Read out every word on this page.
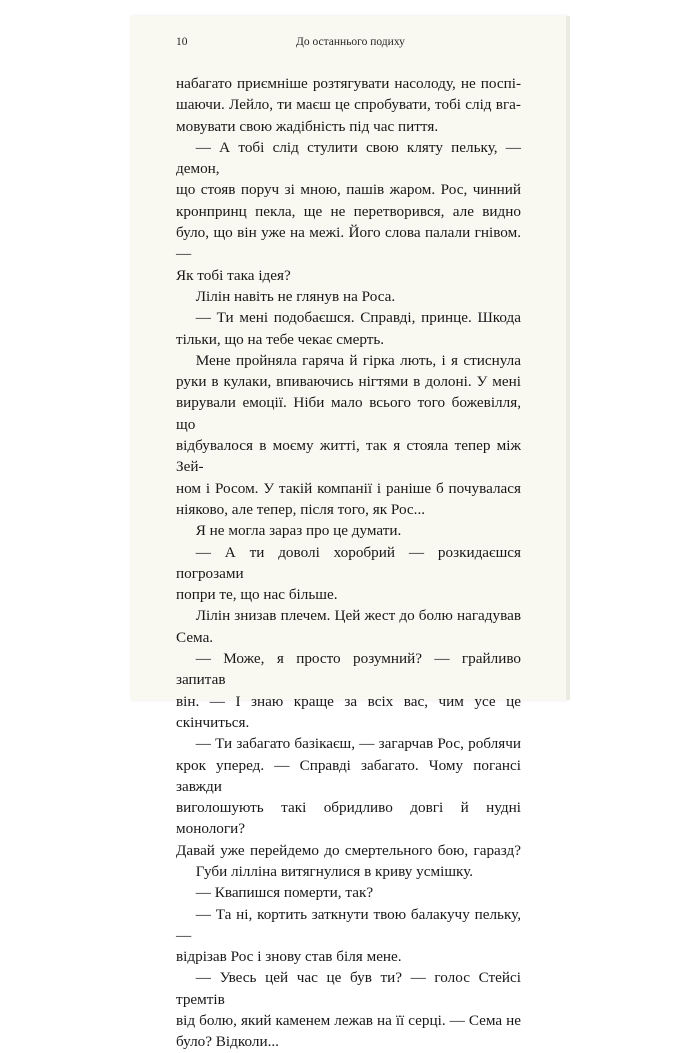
10	До останнього подиху

набагато приємніше розтягувати насолоду, не поспі-

шаючи. Лейло, ти маєш це спробувати, тобі слід вга-

мовувати свою жадібність під час пиття.

— А тобі слід стулити свою кляту пельку, — демон,

що стояв поруч зі мною, пашів жаром. Рос, чинний

кронпринц пекла, ще не перетворився, але видно

було, що він уже на межі. Його слова палали гнівом. —

Як тобі така ідея?

Лілін навіть не глянув на Роса.

— Ти мені подобаєшся. Справді, принце. Шкода

тільки, що на тебе чекає смерть.

Мене пройняла гаряча й гірка лють, і я стиснула

руки в кулаки, впиваючись нігтями в долоні. У мені

вирували емоції. Ніби мало всього того божевілля, що

відбувалося в моєму житті, так я стояла тепер між Зей-

ном і Росом. У такій компанії і раніше б почувалася

ніяково, але тепер, після того, як Рос...

Я не могла зараз про це думати.

— А ти доволі хоробрий — розкидаєшся погрозами

попри те, що нас більше.

Лілін знизав плечем. Цей жест до болю нагадував Сема.

— Може, я просто розумний? — грайливо запитав

він. — І знаю краще за всіх вас, чим усе це скінчиться.

— Ти забагато базікаєш, — загарчав Рос, роблячи

крок уперед. — Справді забагато. Чому погансі завжди

виголошують такі обридливо довгі й нудні монологи?

Давай уже перейдемо до смертельного бою, гаразд?

Губи лілліна витягнулися в криву усмішку.

— Квапишся померти, так?

— Та ні, кортить заткнути твою балакучу пельку, —

відрізав Рос і знову став біля мене.

— Увесь цей час це був ти? — голос Стейсі тремтів

від болю, який каменем лежав на її серці. — Сема не

було? Відколи...
